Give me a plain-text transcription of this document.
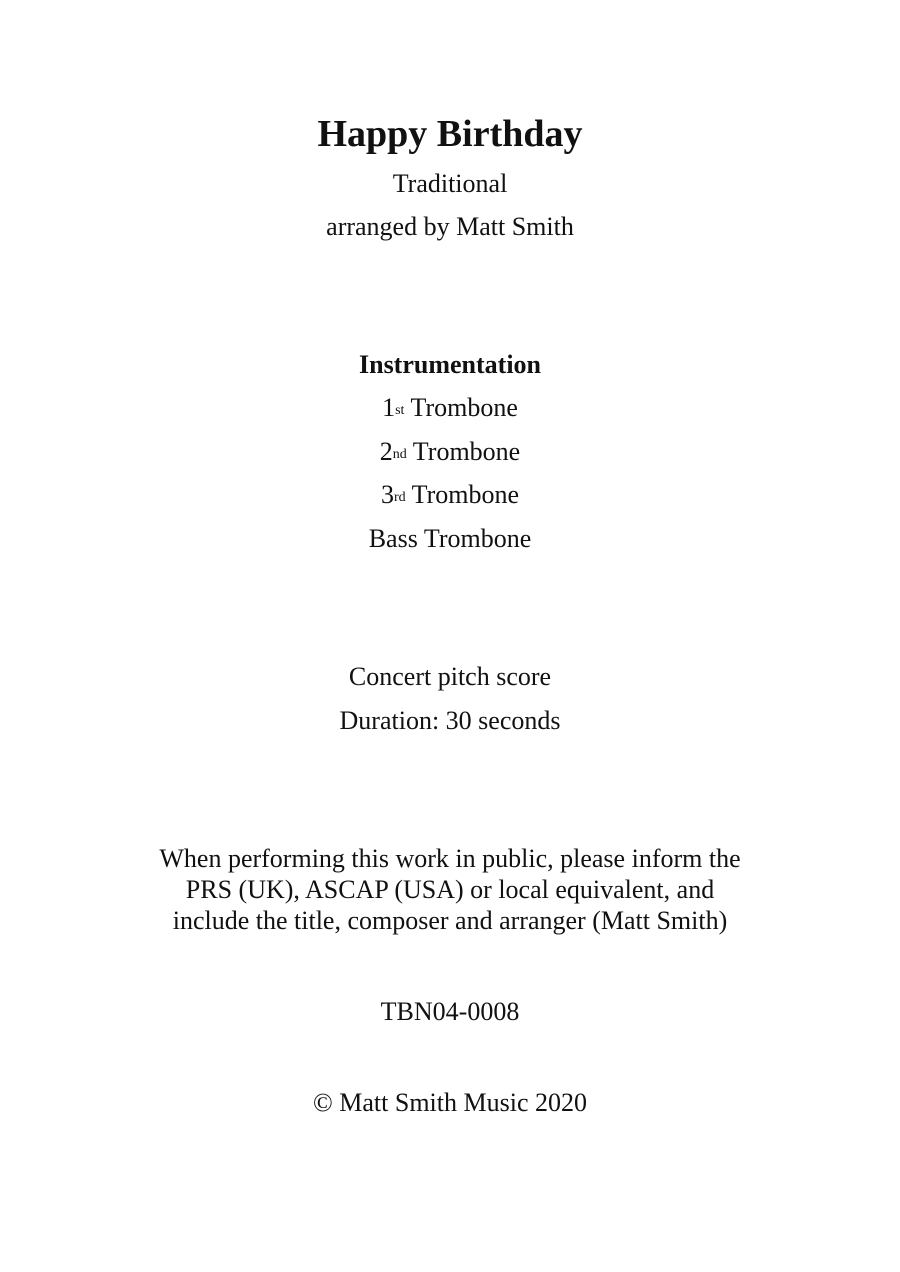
Happy Birthday
Traditional
arranged by Matt Smith
Instrumentation
1st Trombone
2nd Trombone
3rd Trombone
Bass Trombone
Concert pitch score
Duration: 30 seconds
When performing this work in public, please inform the
PRS (UK), ASCAP (USA) or local equivalent, and
include the title, composer and arranger (Matt Smith)
TBN04-0008
© Matt Smith Music 2020
